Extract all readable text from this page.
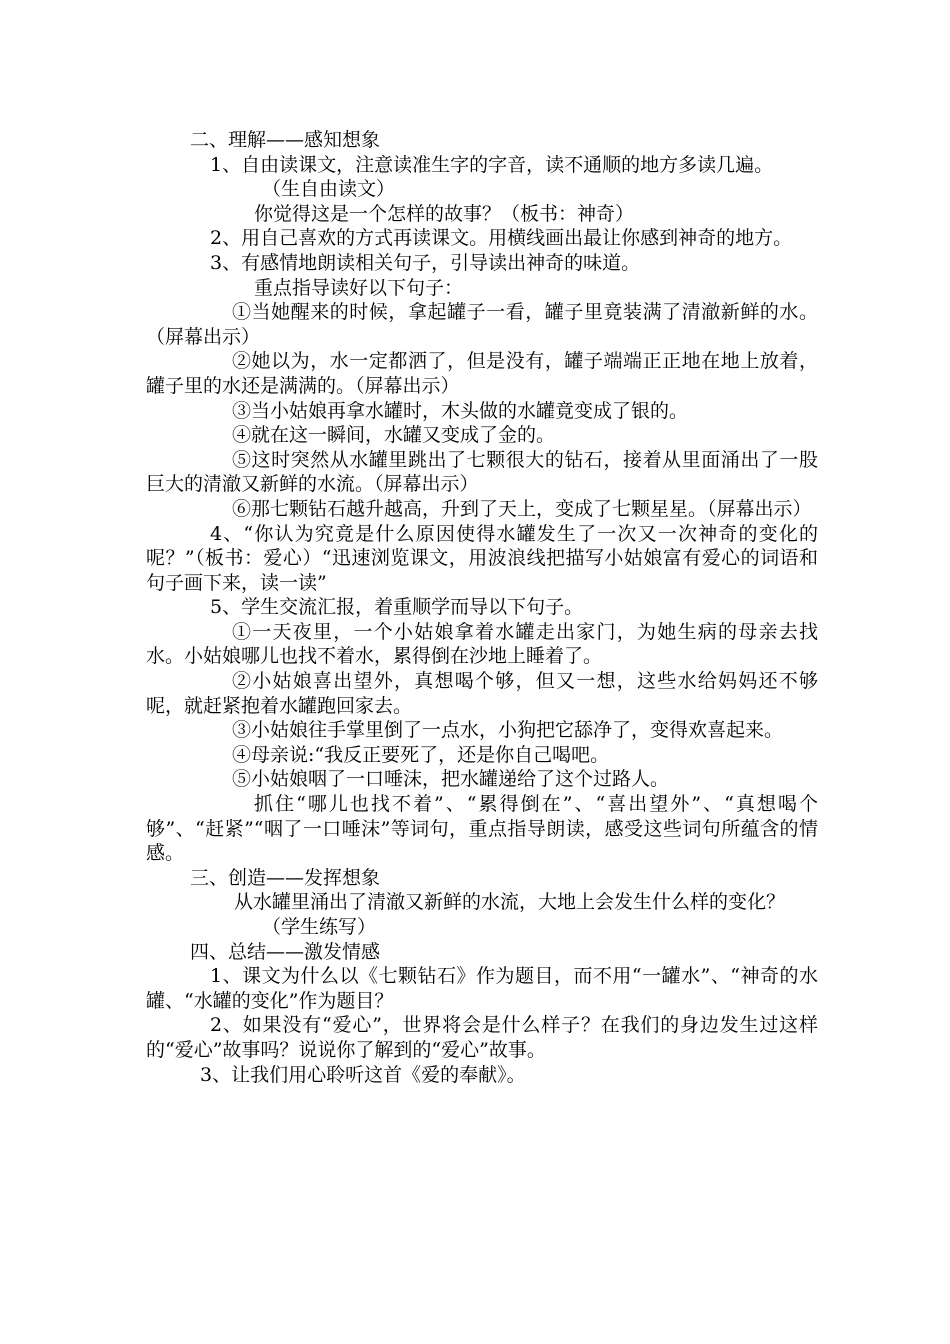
二、理解——感知想象

1、自由读课文，注意读准生字的字音，读不通顺的地方多读几遍。

（生自由读文）

你觉得这是一个怎样的故事？（板书：神奇）

2、用自己喜欢的方式再读课文。用横线画出最让你感到神奇的地方。

3、有感情地朗读相关句子，引导读出神奇的味道。

重点指导读好以下句子：

①当她醒来的时候，拿起罐子一看，罐子里竟装满了清澈新鲜的水。（屏幕出示）

②她以为，水一定都洒了，但是没有，罐子端端正正地在地上放着，罐子里的水还是满满的。（屏幕出示）

③当小姑娘再拿水罐时，木头做的水罐竟变成了银的。

④就在这一瞬间，水罐又变成了金的。

⑤这时突然从水罐里跳出了七颗很大的钻石，接着从里面涌出了一股巨大的清澈又新鲜的水流。（屏幕出示）

⑥那七颗钻石越升越高，升到了天上，变成了七颗星星。（屏幕出示）

4、“你认为究竟是什么原因使得水罐发生了一次又一次神奇的变化的呢？”（板书：爱心）“迅速浏览课文，用波浪线把描写小姑娘富有爱心的词语和句子画下来，读一读”

5、学生交流汇报，着重顺学而导以下句子。

①一天夜里，一个小姑娘拿着水罐走出家门，为她生病的母亲去找水。小姑娘哪儿也找不着水，累得倒在沙地上睡着了。

②小姑娘喜出望外，真想喝个够，但又一想，这些水给妈妈还不够呢，就赶紧抱着水罐跑回家去。

③小姑娘往手掌里倒了一点水，小狗把它舔净了，变得欢喜起来。

④母亲说:“我反正要死了，还是你自己喝吧。

⑤小姑娘咽了一口唾沫，把水罐递给了这个过路人。

抓住“哪儿也找不着”、“累得倒在”、“喜出望外”、“真想喝个够”、“赶紧”“咽了一口唾沫”等词句，重点指导朗读，感受这些词句所蕴含的情感。

三、创造——发挥想象

从水罐里涌出了清澈又新鲜的水流，大地上会发生什么样的变化？

（学生练写）

四、总结——激发情感

1、课文为什么以《七颗钻石》作为题目，而不用“一罐水”、“神奇的水罐、“水罐的变化”作为题目？

2、如果没有“爱心”，世界将会是什么样子？在我们的身边发生过这样的“爱心”故事吗？说说你了解到的“爱心”故事。

3、让我们用心聆听这首《爱的奉献》。
